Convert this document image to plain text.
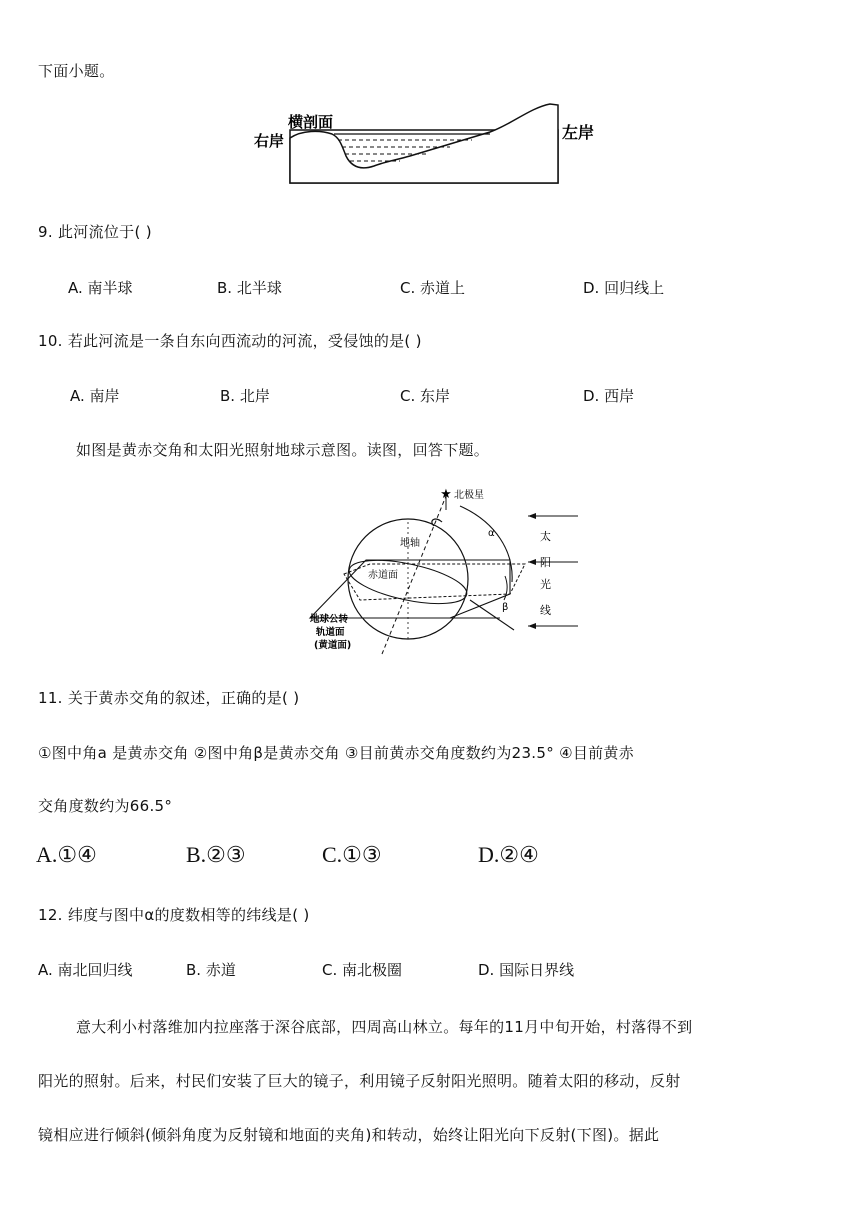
下面小题。
横剖面
右岸	左岸
9. 此河流位于( )
A. 南半球	B. 北半球	C. 赤道上	D. 回归线上
10. 若此河流是一条自东向西流动的河流，受侵蚀的是( )
A. 南岸	B. 北岸	C. 东岸	D. 西岸
如图是黄赤交角和太阳光照射地球示意图。读图，回答下题。
★ 北极星
地轴
α
赤道面
β
太
阳
光
线
地球公转
轨道面
(黄道面)
11. 关于黄赤交角的叙述，正确的是( )
①图中角a 是黄赤交角 ②图中角β是黄赤交角 ③目前黄赤交角度数约为23.5° ④目前黄赤
交角度数约为66.5°
A.①④	B.②③	C.①③	D.②④
12. 纬度与图中α的度数相等的纬线是( )
A. 南北回归线	B. 赤道	C. 南北极圈	D. 国际日界线
意大利小村落维加内拉座落于深谷底部，四周高山林立。每年的11月中旬开始，村落得不到
阳光的照射。后来，村民们安装了巨大的镜子，利用镜子反射阳光照明。随着太阳的移动，反射
镜相应进行倾斜(倾斜角度为反射镜和地面的夹角)和转动，始终让阳光向下反射(下图)。据此
